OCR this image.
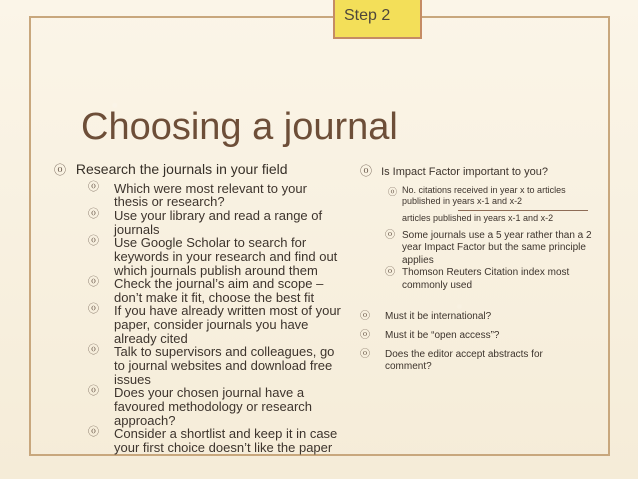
Step 2
Choosing a journal
ⓞ Research the journals in your field
ⓞ Which were most relevant to your thesis or research?
ⓞ Use your library and read a range of journals
ⓞ Use Google Scholar to search for keywords in your research and find out which journals publish around them
ⓞ Check the journal’s aim and scope – don’t make it fit, choose the best fit
ⓞ If you have already written most of your paper, consider journals you have already cited
ⓞ Talk to supervisors and colleagues, go to journal websites and download free issues
ⓞ Does your chosen journal have a favoured methodology or research approach?
ⓞ Consider a shortlist and keep it in case your first choice doesn’t like the paper
ⓞ Is Impact Factor important to you?
ⓞ No. citations received in year x to articles published in years x-1 and x-2
articles published in years x-1 and x-2
ⓞ Some journals use a 5 year rather than a 2 year Impact Factor but the same principle applies
ⓞ Thomson Reuters Citation index most commonly used
ⓞ Must it be international?
ⓞ Must it be “open access”?
ⓞ Does the editor accept abstracts for comment?
